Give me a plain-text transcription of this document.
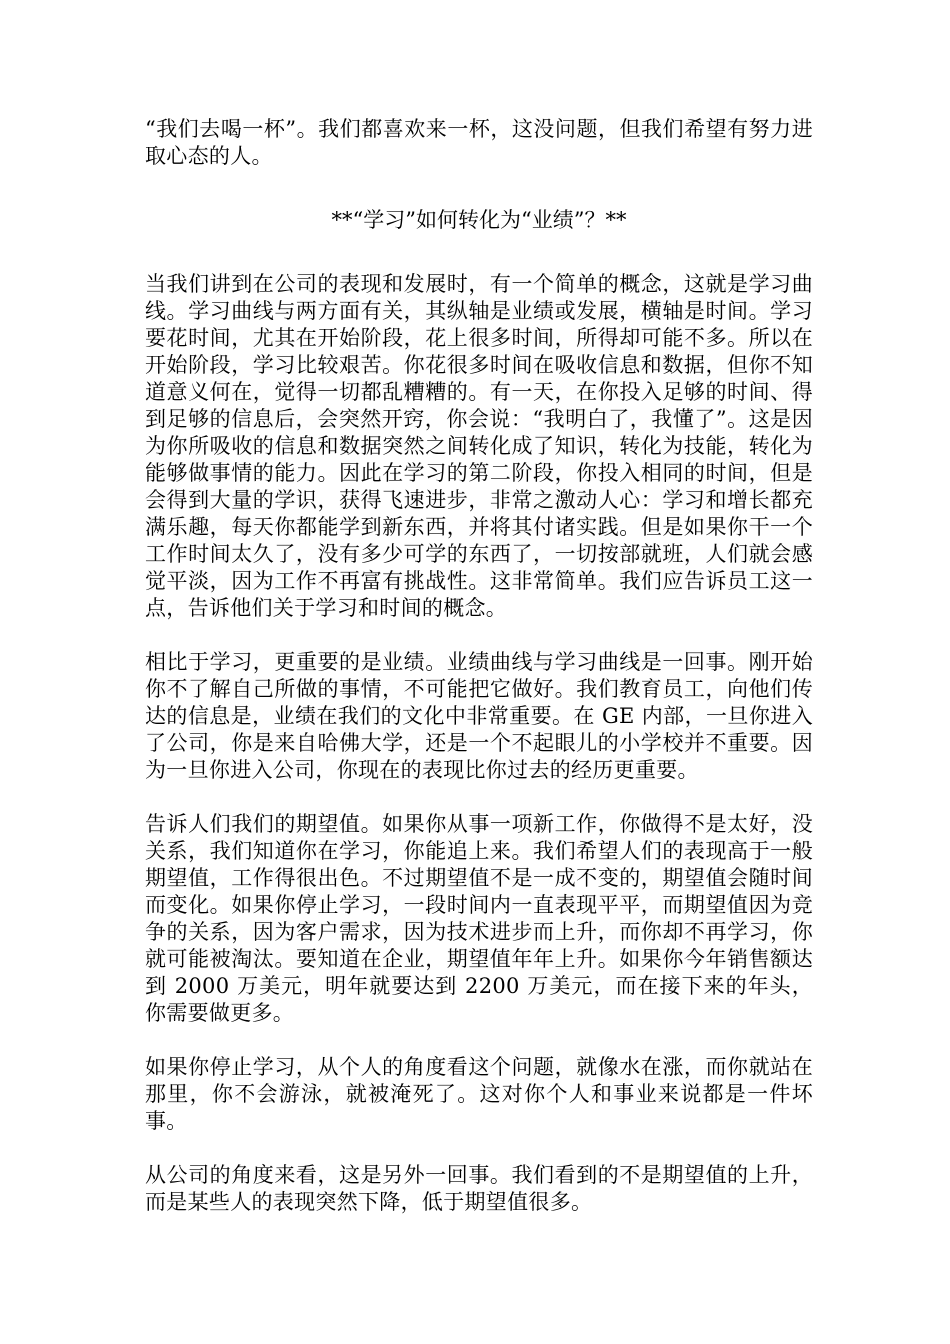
“我们去喝一杯”。我们都喜欢来一杯，这没问题，但我们希望有努力进取心态的人。

**“学习”如何转化为“业绩”？**

当我们讲到在公司的表现和发展时，有一个简单的概念，这就是学习曲线。学习曲线与两方面有关，其纵轴是业绩或发展，横轴是时间。学习要花时间，尤其在开始阶段，花上很多时间，所得却可能不多。所以在开始阶段，学习比较艰苦。你花很多时间在吸收信息和数据，但你不知道意义何在，觉得一切都乱糟糟的。有一天，在你投入足够的时间、得到足够的信息后，会突然开窍，你会说：“我明白了，我懂了”。这是因为你所吸收的信息和数据突然之间转化成了知识，转化为技能，转化为能够做事情的能力。因此在学习的第二阶段，你投入相同的时间，但是会得到大量的学识，获得飞速进步，非常之激动人心：学习和增长都充满乐趣，每天你都能学到新东西，并将其付诸实践。但是如果你干一个工作时间太久了，没有多少可学的东西了，一切按部就班，人们就会感觉平淡，因为工作不再富有挑战性。这非常简单。我们应告诉员工这一点，告诉他们关于学习和时间的概念。

相比于学习，更重要的是业绩。业绩曲线与学习曲线是一回事。刚开始你不了解自己所做的事情，不可能把它做好。我们教育员工，向他们传达的信息是，业绩在我们的文化中非常重要。在 GE 内部，一旦你进入了公司，你是来自哈佛大学，还是一个不起眼儿的小学校并不重要。因为一旦你进入公司，你现在的表现比你过去的经历更重要。

告诉人们我们的期望值。如果你从事一项新工作，你做得不是太好，没关系，我们知道你在学习，你能追上来。我们希望人们的表现高于一般期望值，工作得很出色。不过期望值不是一成不变的，期望值会随时间而变化。如果你停止学习，一段时间内一直表现平平，而期望值因为竞争的关系，因为客户需求，因为技术进步而上升，而你却不再学习，你就可能被淘汰。要知道在企业，期望值年年上升。如果你今年销售额达到 2000 万美元，明年就要达到 2200 万美元，而在接下来的年头，你需要做更多。

如果你停止学习，从个人的角度看这个问题，就像水在涨，而你就站在那里，你不会游泳，就被淹死了。这对你个人和事业来说都是一件坏事。

从公司的角度来看，这是另外一回事。我们看到的不是期望值的上升，而是某些人的表现突然下降，低于期望值很多。
